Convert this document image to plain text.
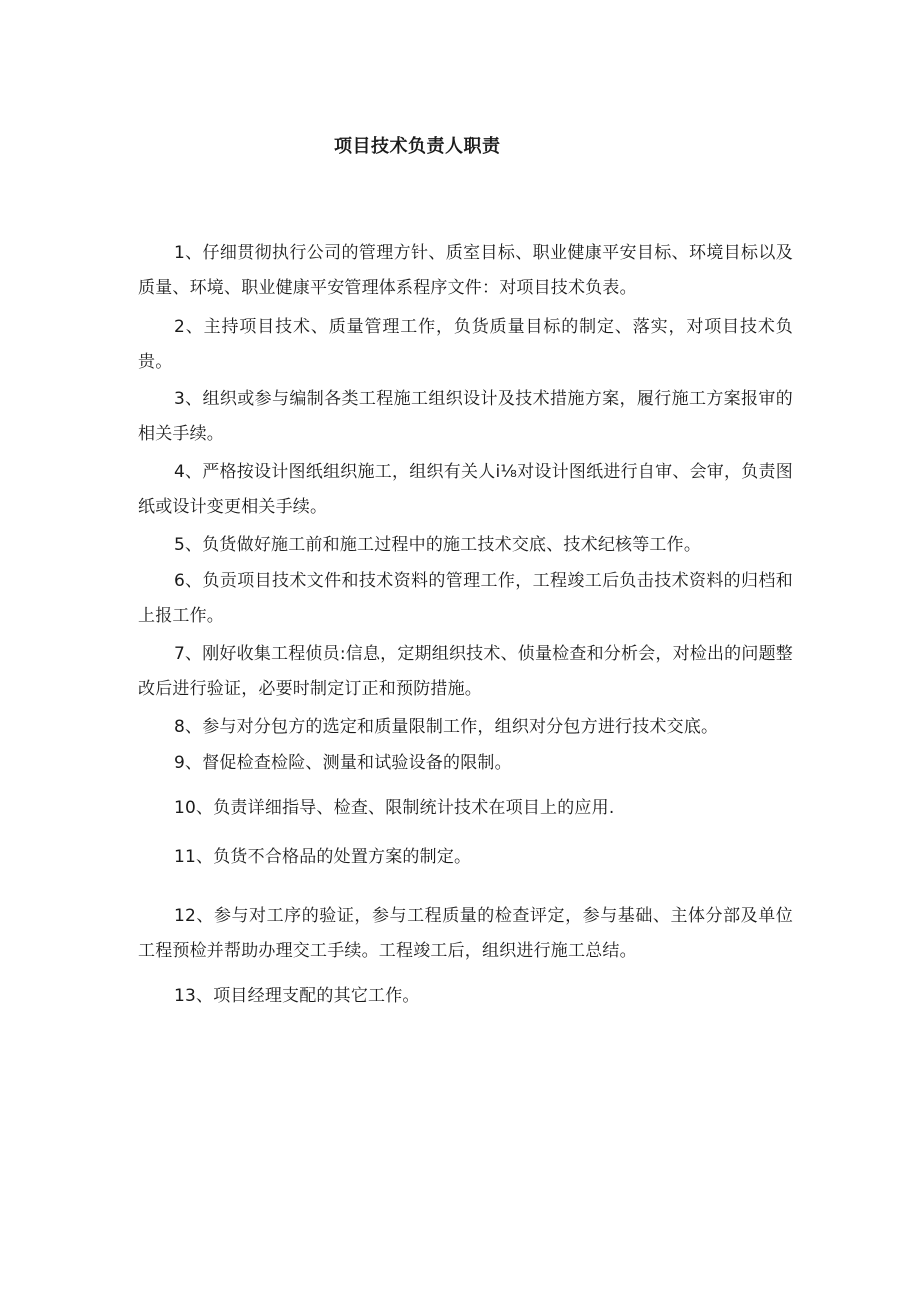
项目技术负责人职责

1、仔细贯彻执行公司的管理方针、质室目标、职业健康平安目标、环境目标以及质量、环境、职业健康平安管理体系程序文件：对项目技术负表。

2、主持项目技术、质量管理工作，负货质量目标的制定、落实，对项目技术负贵。

3、组织或参与编制各类工程施工组织设计及技术措施方案，履行施工方案报审的相关手续。

4、严格按设计图纸组织施工，组织有关人i⅛对设计图纸进行自审、会审，负责图纸或设计变更相关手续。

5、负货做好施工前和施工过程中的施工技术交底、技术纪核等工作。

6、负贡项目技术文件和技术资料的管理工作，工程竣工后负击技术资料的归档和上报工作。

7、刚好收集工程侦员:信息，定期组织技术、侦量检查和分析会，对检出的问题整改后进行验证，必要时制定订正和预防措施。

8、参与对分包方的选定和质量限制工作，组织对分包方进行技术交底。

9、督促检查检险、测量和试验设备的限制。

10、负责详细指导、检查、限制统计技术在项目上的应用.

11、负货不合格品的处置方案的制定。

12、参与对工序的验证，参与工程质量的检查评定，参与基础、主体分部及单位工程预检并帮助办理交工手续。工程竣工后，组织进行施工总结。

13、项目经理支配的其它工作。
